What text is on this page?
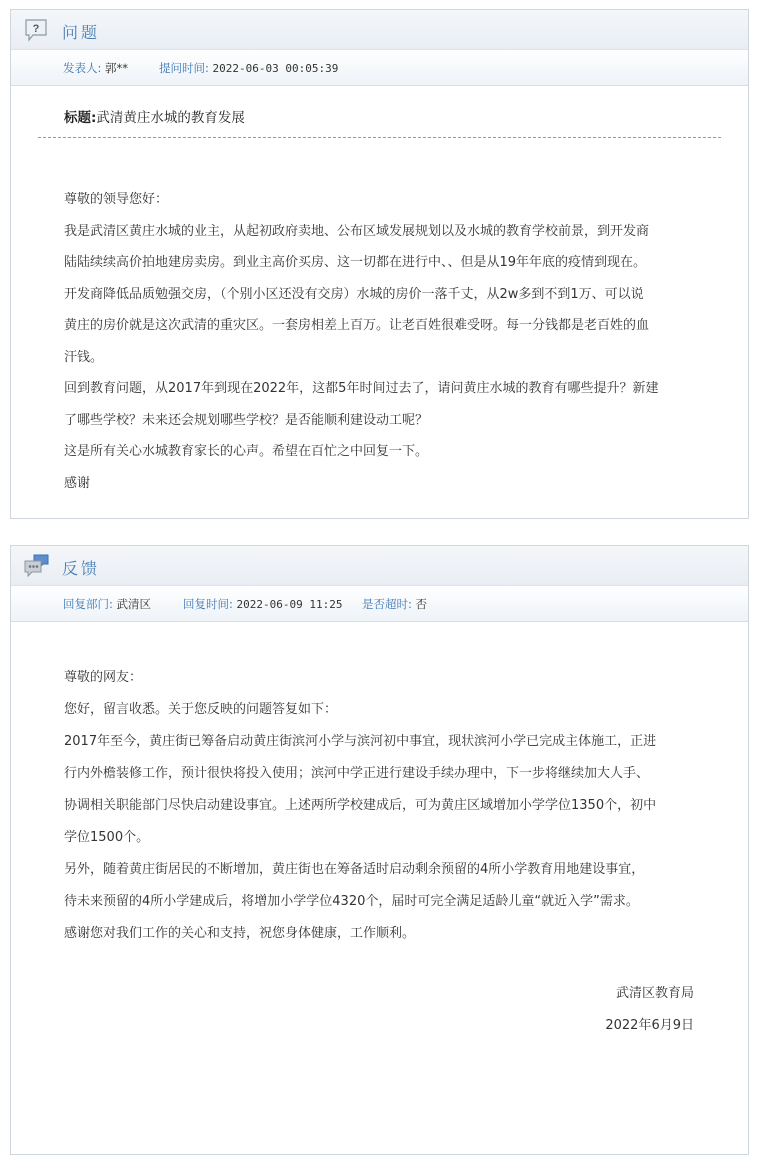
? 问题
发表人: 郭**	提问时间: 2022-06-03 00:05:39
标题:武清黄庄水城的教育发展

尊敬的领导您好：

我是武清区黄庄水城的业主，从起初政府卖地、公布区域发展规划以及水城的教育学校前景，到开发商

陆陆续续高价拍地建房卖房。到业主高价买房、这一切都在进行中、、但是从19年年底的疫情到现在。

开发商降低品质勉强交房，（个别小区还没有交房）水城的房价一落千丈，从2w多到不到1万、可以说

黄庄的房价就是这次武清的重灾区。一套房相差上百万。让老百姓很难受呀。每一分钱都是老百姓的血

汗钱。

回到教育问题，从2017年到现在2022年，这都5年时间过去了，请问黄庄水城的教育有哪些提升？新建

了哪些学校？未来还会规划哪些学校？是否能顺利建设动工呢？

这是所有关心水城教育家长的心声。希望在百忙之中回复一下。

感谢

反馈
回复部门: 武清区	回复时间: 2022-06-09 11:25 是否超时: 否

尊敬的网友：

您好，留言收悉。关于您反映的问题答复如下：

2017年至今，黄庄街已筹备启动黄庄街滨河小学与滨河初中事宜，现状滨河小学已完成主体施工，正进

行内外檐装修工作，预计很快将投入使用；滨河中学正进行建设手续办理中，下一步将继续加大人手、

协调相关职能部门尽快启动建设事宜。上述两所学校建成后，可为黄庄区域增加小学学位1350个，初中

学位1500个。

另外，随着黄庄街居民的不断增加，黄庄街也在筹备适时启动剩余预留的4所小学教育用地建设事宜，

待未来预留的4所小学建成后，将增加小学学位4320个，届时可完全满足适龄儿童“就近入学”需求。

感谢您对我们工作的关心和支持，祝您身体健康，工作顺利。

武清区教育局
2022年6月9日
